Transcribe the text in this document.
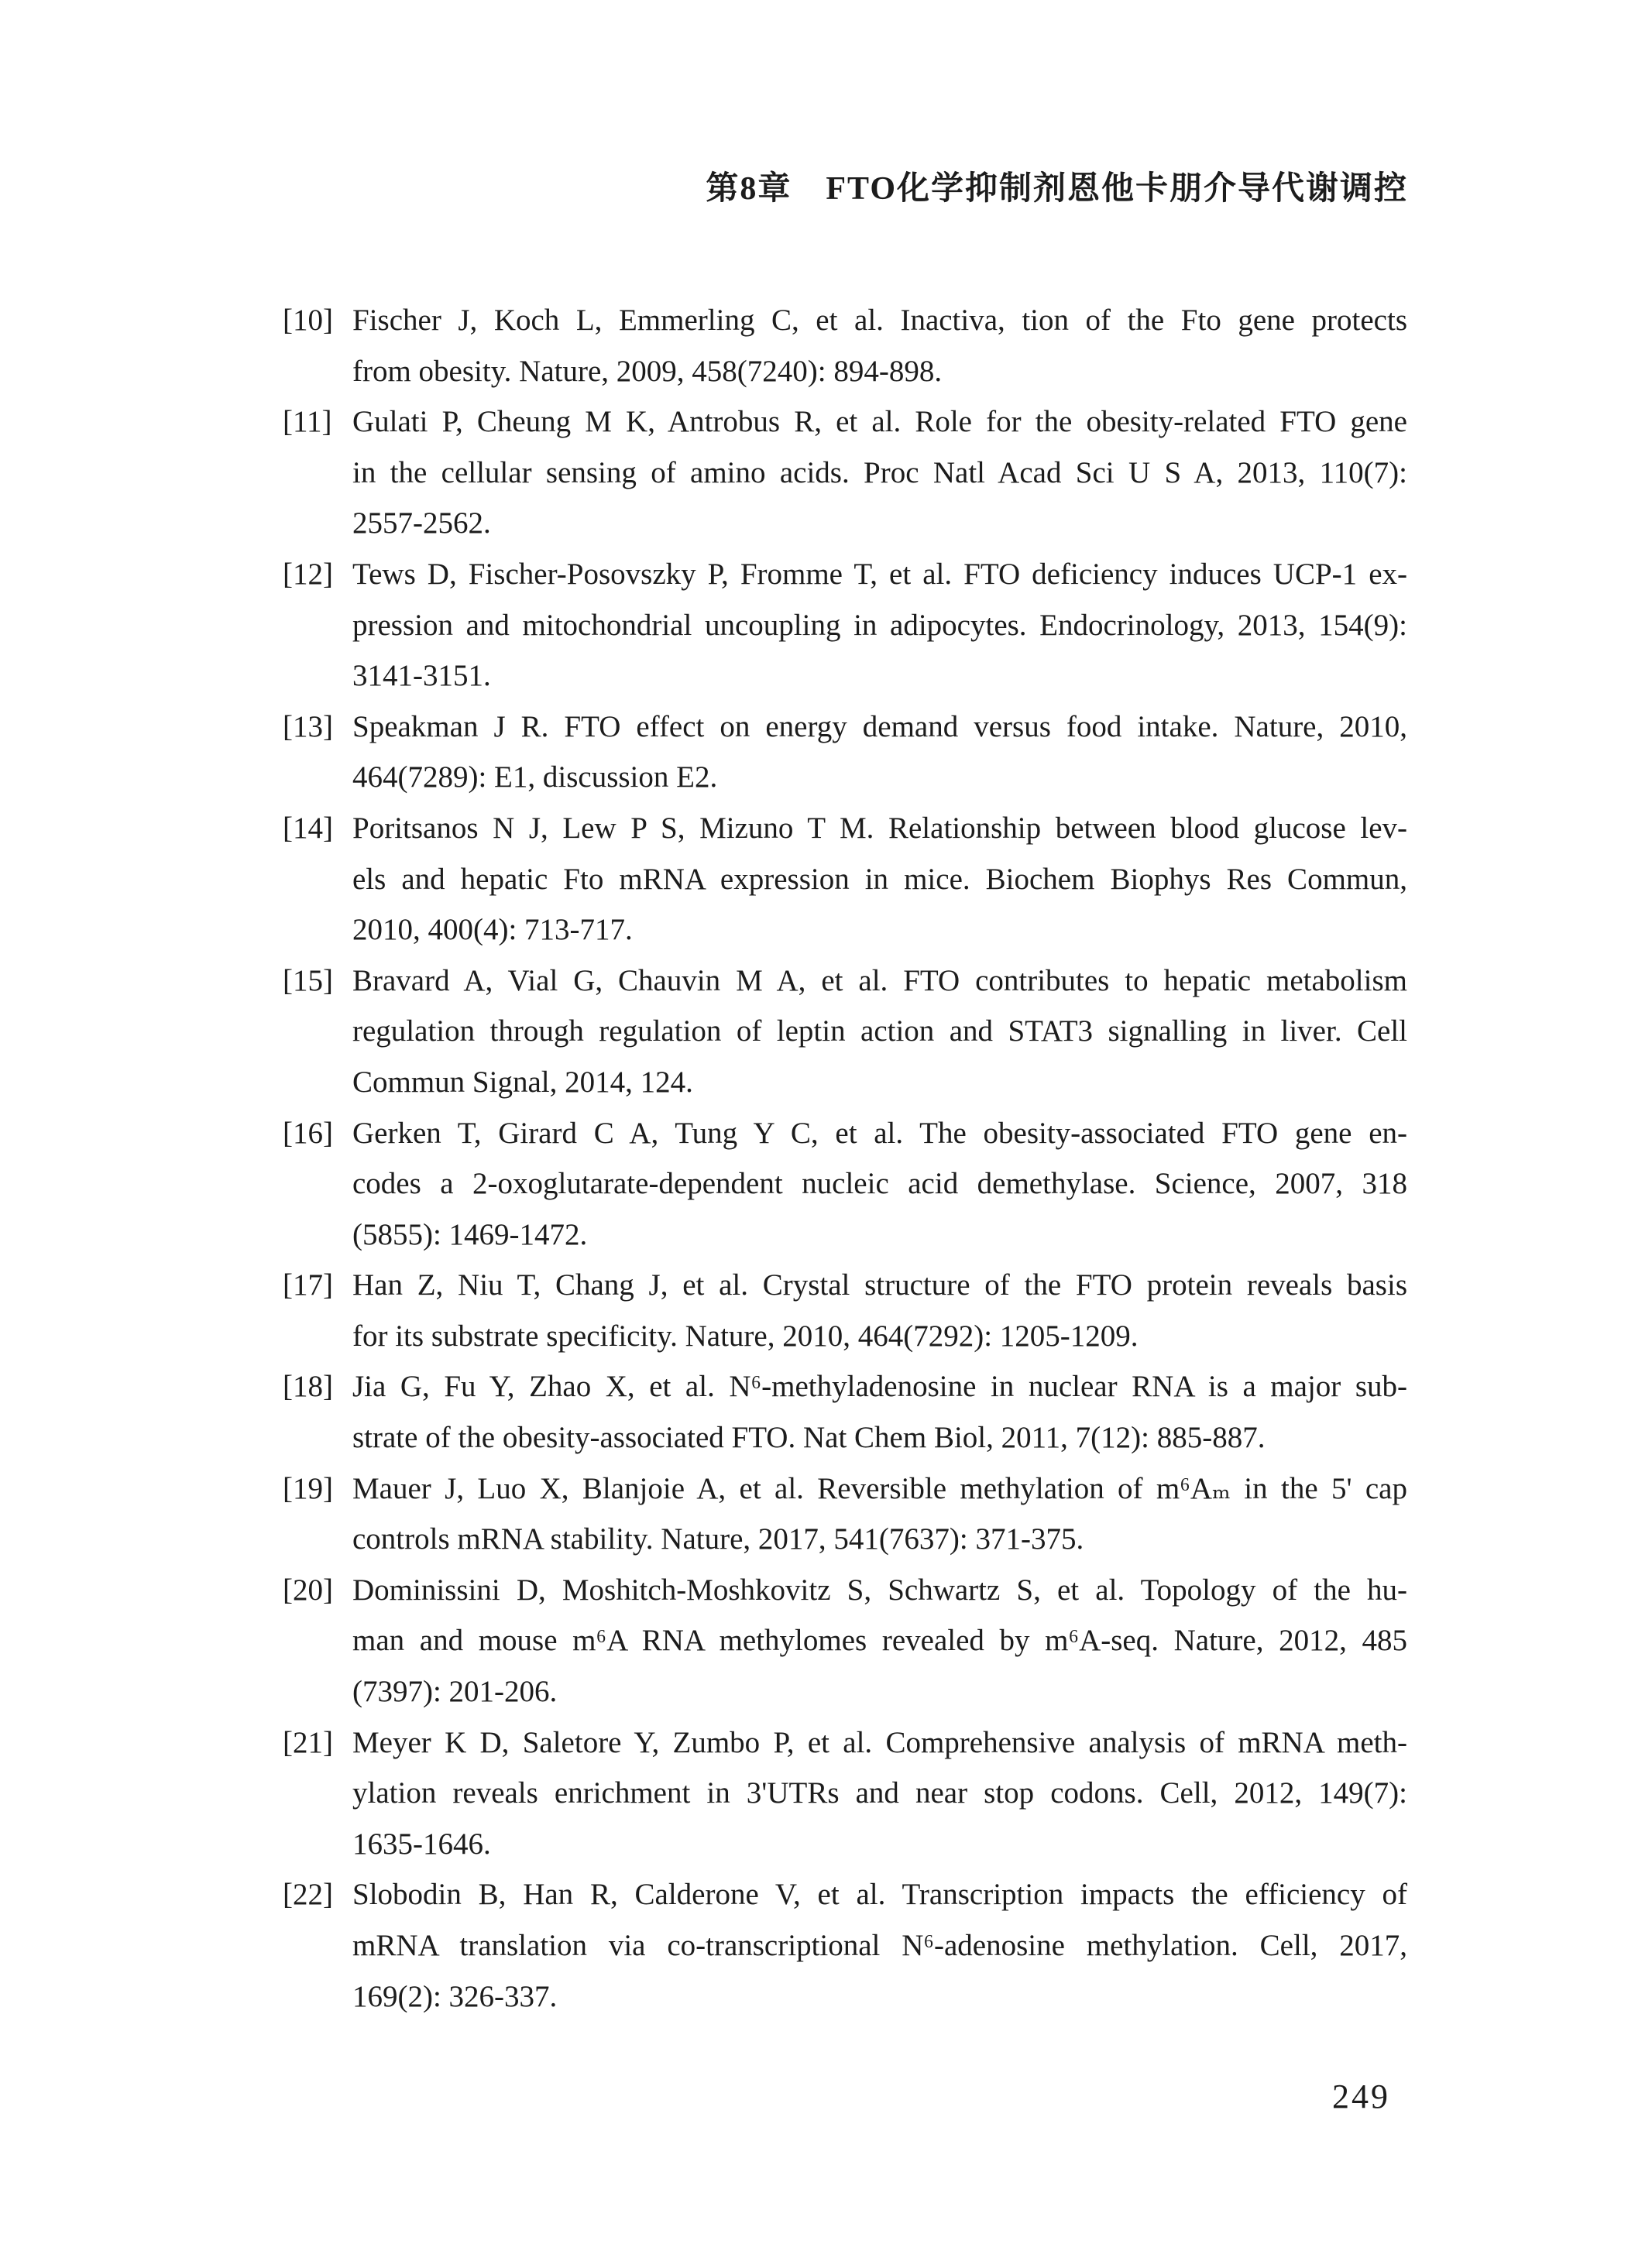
第8章　FTO化学抑制剂恩他卡朋介导代谢调控
[10] Fischer J, Koch L, Emmerling C, et al. Inactiva, tion of the Fto gene protects
from obesity. Nature, 2009, 458(7240): 894-898.
[11] Gulati P, Cheung M K, Antrobus R, et al. Role for the obesity-related FTO gene
in the cellular sensing of amino acids. Proc Natl Acad Sci U S A, 2013, 110(7):
2557-2562.
[12] Tews D, Fischer-Posovszky P, Fromme T, et al. FTO deficiency induces UCP-1 ex-
pression and mitochondrial uncoupling in adipocytes. Endocrinology, 2013, 154(9):
3141-3151.
[13] Speakman J R. FTO effect on energy demand versus food intake. Nature, 2010,
464(7289): E1, discussion E2.
[14] Poritsanos N J, Lew P S, Mizuno T M. Relationship between blood glucose lev-
els and hepatic Fto mRNA expression in mice. Biochem Biophys Res Commun,
2010, 400(4): 713-717.
[15] Bravard A, Vial G, Chauvin M A, et al. FTO contributes to hepatic metabolism
regulation through regulation of leptin action and STAT3 signalling in liver. Cell
Commun Signal, 2014, 124.
[16] Gerken T, Girard C A, Tung Y C, et al. The obesity-associated FTO gene en-
codes a 2-oxoglutarate-dependent nucleic acid demethylase. Science, 2007, 318
(5855): 1469-1472.
[17] Han Z, Niu T, Chang J, et al. Crystal structure of the FTO protein reveals basis
for its substrate specificity. Nature, 2010, 464(7292): 1205-1209.
[18] Jia G, Fu Y, Zhao X, et al. N⁶-methyladenosine in nuclear RNA is a major sub-
strate of the obesity-associated FTO. Nat Chem Biol, 2011, 7(12): 885-887.
[19] Mauer J, Luo X, Blanjoie A, et al. Reversible methylation of m⁶Aₘ in the 5' cap
controls mRNA stability. Nature, 2017, 541(7637): 371-375.
[20] Dominissini D, Moshitch-Moshkovitz S, Schwartz S, et al. Topology of the hu-
man and mouse m⁶A RNA methylomes revealed by m⁶A-seq. Nature, 2012, 485
(7397): 201-206.
[21] Meyer K D, Saletore Y, Zumbo P, et al. Comprehensive analysis of mRNA meth-
ylation reveals enrichment in 3'UTRs and near stop codons. Cell, 2012, 149(7):
1635-1646.
[22] Slobodin B, Han R, Calderone V, et al. Transcription impacts the efficiency of
mRNA translation via co-transcriptional N⁶-adenosine methylation. Cell, 2017,
169(2): 326-337.
249
